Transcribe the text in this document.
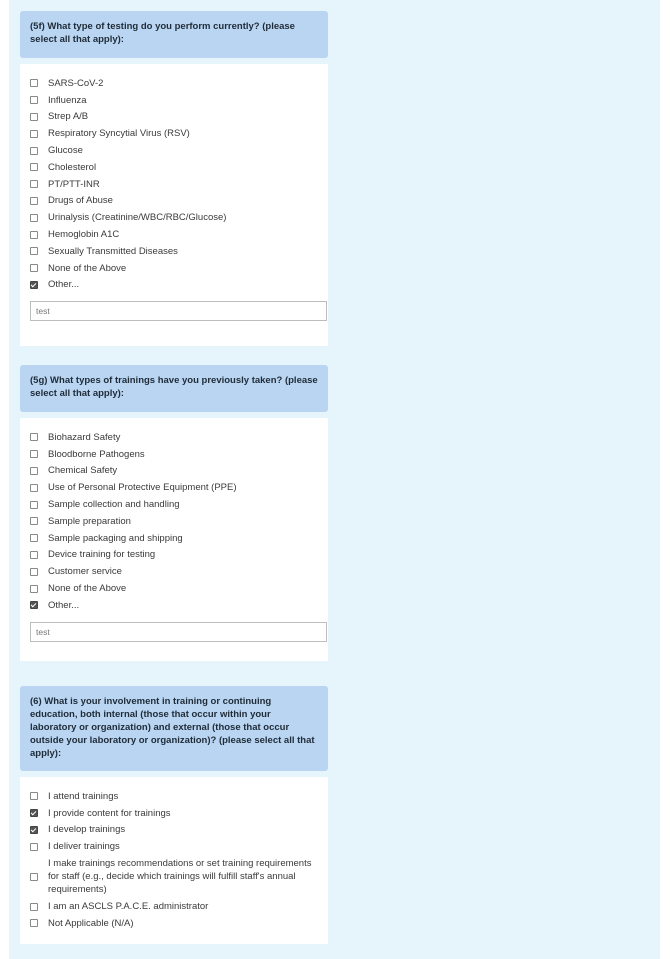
(5f) What type of testing do you perform currently? (please select all that apply):
SARS-CoV-2
Influenza
Strep A/B
Respiratory Syncytial Virus (RSV)
Glucose
Cholesterol
PT/PTT-INR
Drugs of Abuse
Urinalysis (Creatinine/WBC/RBC/Glucose)
Hemoglobin A1C
Sexually Transmitted Diseases
None of the Above
Other...
test
(5g) What types of trainings have you previously taken? (please select all that apply):
Biohazard Safety
Bloodborne Pathogens
Chemical Safety
Use of Personal Protective Equipment (PPE)
Sample collection and handling
Sample preparation
Sample packaging and shipping
Device training for testing
Customer service
None of the Above
Other...
test
(6) What is your involvement in training or continuing education, both internal (those that occur within your laboratory or organization) and external (those that occur outside your laboratory or organization)? (please select all that apply):
I attend trainings
I provide content for trainings
I develop trainings
I deliver trainings
I make trainings recommendations or set training requirements for staff (e.g., decide which trainings will fulfill staff's annual requirements)
I am an ASCLS P.A.C.E. administrator
Not Applicable (N/A)
